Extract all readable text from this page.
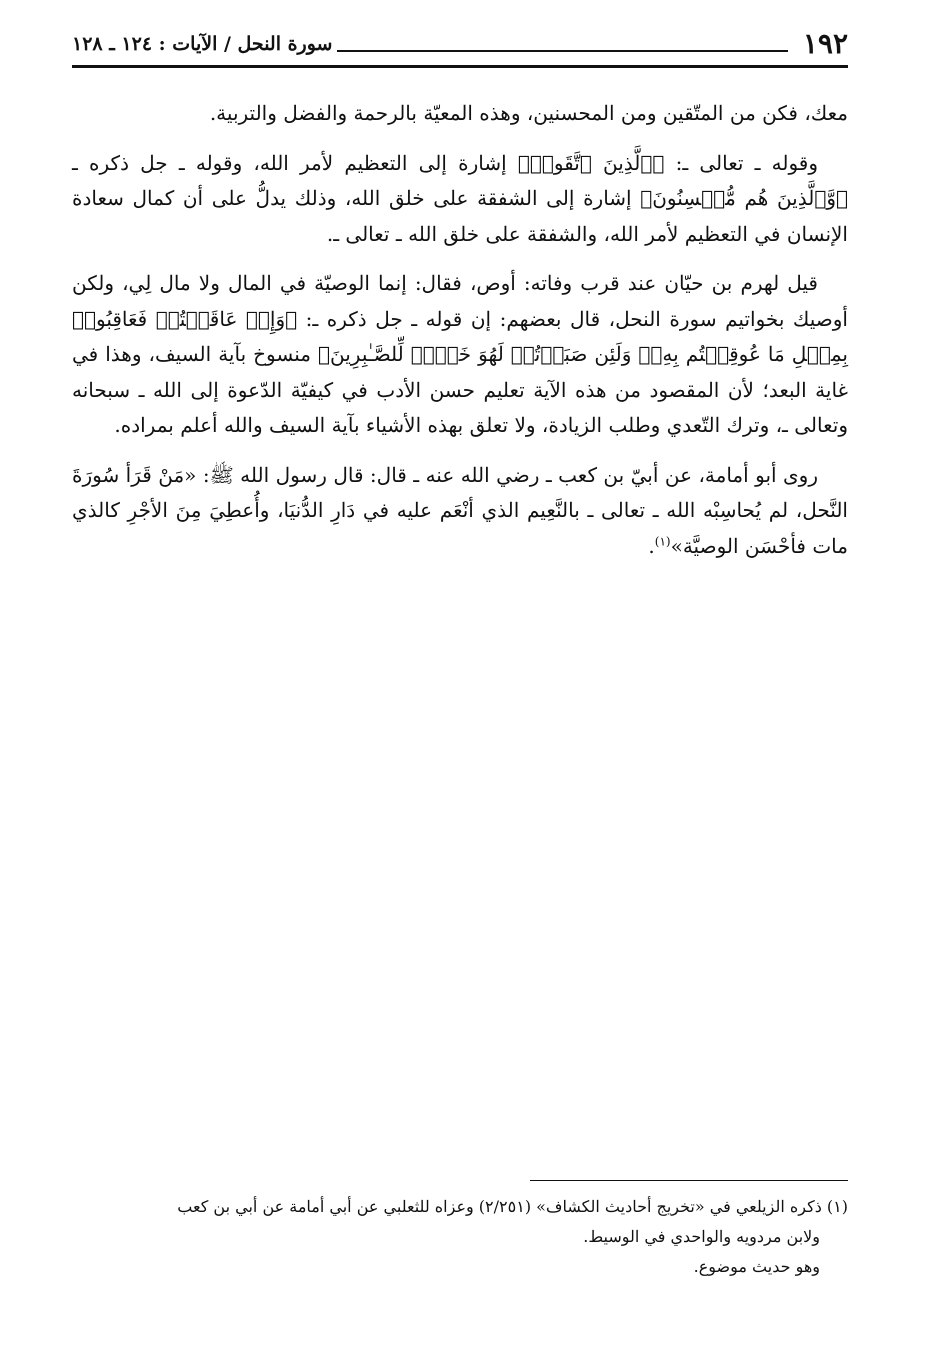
١٩٢
سورة النحل / الآيات : ١٢٤ ـ ١٢٨

معك، فكن من المتّقين ومن المحسنين، وهذه المعيّة بالرحمة والفضل والتربية.

وقوله ـ تعالى ـ: ﴿ٱلَّذِينَ ٱتَّقَوا۟﴾ إشارة إلى التعظيم لأمر الله، وقوله ـ جل ذكره ـ ﴿وَّٱلَّذِينَ هُم مُّحۡسِنُونَ﴾ إشارة إلى الشفقة على خلق الله، وذلك يدلُّ على أن كمال سعادة الإنسان في التعظيم لأمر الله، والشفقة على خلق الله ـ تعالى ـ.

قيل لهرم بن حيّان عند قرب وفاته: أوص، فقال: إنما الوصيّة في المال ولا مال لِي، ولكن أوصيك بخواتيم سورة النحل، قال بعضهم: إن قوله ـ جل ذكره ـ: ﴿وَإِنۡ عَاقَبۡتُمۡ فَعَاقِبُوا۟ بِمِثۡلِ مَا عُوقِبۡتُم بِهِۦۖ وَلَئِن صَبَرۡتُمۡ لَهُوَ خَيۡرٞ لِّلصَّـٰبِرِينَ﴾ منسوخ بآية السيف، وهذا في غاية البعد؛ لأن المقصود من هذه الآية تعليم حسن الأدب في كيفيّة الدّعوة إلى الله ـ سبحانه وتعالى ـ، وترك التّعدي وطلب الزيادة، ولا تعلق بهذه الأشياء بآية السيف والله أعلم بمراده.

روى أبو أمامة، عن أبيّ بن كعب ـ رضي الله عنه ـ قال: قال رسول الله ﷺ: «مَنْ قَرَأ سُورَةَ النَّحل، لم يُحاسِبْه الله ـ تعالى ـ بالنَّعِيم الذي أنْعَم عليه في دَارِ الدُّنيَا، وأُعطِيَ مِنَ الأجْرِ كالذي مات فأحْسَن الوصيَّة»$^{(١)}$.

(١) ذكره الزيلعي في «تخريج أحاديث الكشاف» (٢/٢٥١) وعزاه للثعلبي عن أبي أمامة عن أبي بن كعب

ولابن مردويه والواحدي في الوسيط.

وهو حديث موضوع.
